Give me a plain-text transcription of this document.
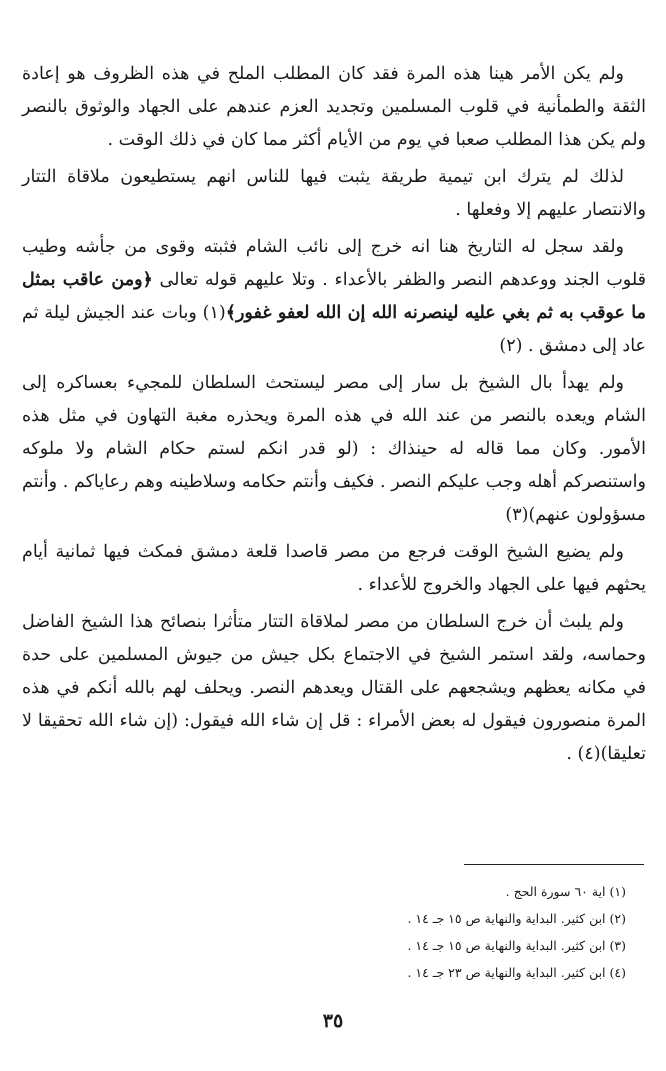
ولم يكن الأمر هينا هذه المرة فقد كان المطلب الملح في هذه الظروف هو إعادة الثقة والطمأنية في قلوب المسلمين وتجديد العزم عندهم على الجهاد والوثوق بالنصر ولم يكن هذا المطلب صعبا في يوم من الأيام أكثر مما كان في ذلك الوقت .

لذلك لم يترك ابن تيمية طريقة يثبت فيها للناس انهم يستطيعون ملاقاة التتار والانتصار عليهم إلا وفعلها .

ولقد سجل له التاريخ هنا انه خرج إلى نائب الشام فثبته وقوى من جأشه وطيب قلوب الجند ووعدهم النصر والظفر بالأعداء . وتلا عليهم قوله تعالى ﴿ومن عاقب بمثل ما عوقب به ثم بغي عليه لينصرنه الله إن الله لعفو غفور﴾(١) وبات عند الجيش ليلة ثم عاد إلى دمشق . (٢)

ولم يهدأ بال الشيخ بل سار إلى مصر ليستحث السلطان للمجيء بعساكره إلى الشام ويعده بالنصر من عند الله في هذه المرة ويحذره مغبة التهاون في مثل هذه الأمور. وكان مما قاله له حينذاك : (لو قدر انكم لستم حكام الشام ولا ملوكه واستنصركم أهله وجب عليكم النصر . فكيف وأنتم حكامه وسلاطينه وهم رعاياكم . وأنتم مسؤولون عنهم)(٣)

ولم يضيع الشيخ الوقت فرجع من مصر قاصدا قلعة دمشق فمكث فيها ثمانية أيام يحثهم فيها على الجهاد والخروج للأعداء .

ولم يلبث أن خرج السلطان من مصر لملاقاة التتار متأثرا بنصائح هذا الشيخ الفاضل وحماسه، ولقد استمر الشيخ في الاجتماع بكل جيش من جيوش المسلمين على حدة في مكانه يعظهم ويشجعهم على القتال ويعدهم النصر. ويحلف لهم بالله أنكم في هذه المرة منصورون فيقول له بعض الأمراء : قل إن شاء الله فيقول: (إن شاء الله تحقيقا لا تعليقا)(٤) .

(١) اية ٦٠ سورة الحج .
(٢) ابن كثير. البداية والنهاية ص ١٥ جـ ١٤ .
(٣) ابن كثير. البداية والنهاية ص ١٥ جـ ١٤ .
(٤) ابن كثير. البداية والنهاية ص ٢٣ جـ ١٤ .
٣٥
